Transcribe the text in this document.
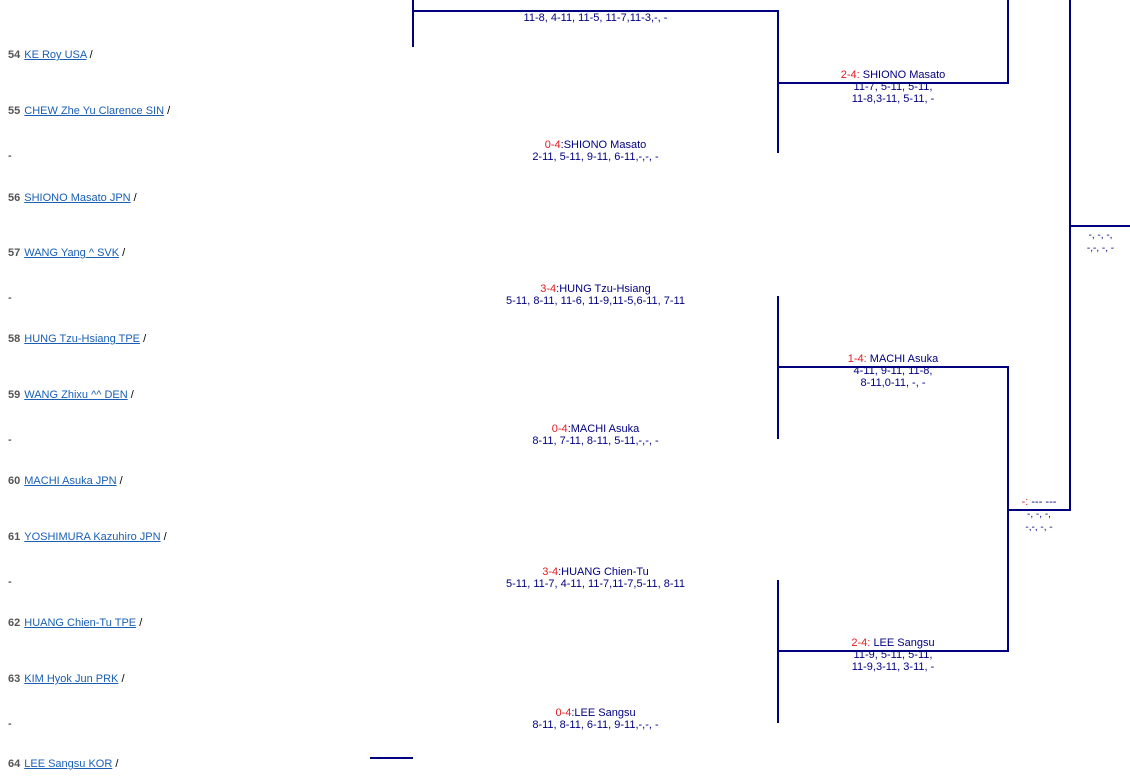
54 KE Roy USA /
55 CHEW Zhe Yu Clarence SIN /
-
56 SHIONO Masato JPN /
57 WANG Yang ^ SVK /
-
58 HUNG Tzu-Hsiang TPE /
59 WANG Zhixu ^^ DEN /
-
60 MACHI Asuka JPN /
61 YOSHIMURA Kazuhiro JPN /
-
62 HUANG Chien-Tu TPE /
63 KIM Hyok Jun PRK /
-
64 LEE Sangsu KOR /
11-8, 4-11, 11-5, 11-7,11-3,-, -
0-4:SHIONO Masato
2-11, 5-11, 9-11, 6-11,-,-, -
3-4:HUNG Tzu-Hsiang
5-11, 8-11, 11-6, 11-9,11-5,6-11, 7-11
0-4:MACHI Asuka
8-11, 7-11, 8-11, 5-11,-,-, -
3-4:HUANG Chien-Tu
5-11, 11-7, 4-11, 11-7,11-7,5-11, 8-11
0-4:LEE Sangsu
8-11, 8-11, 6-11, 9-11,-,-, -
2-4: SHIONO Masato
11-7, 5-11, 5-11,
11-8,3-11, 5-11, -
1-4: MACHI Asuka
4-11, 9-11, 11-8,
8-11,0-11, -, -
2-4: LEE Sangsu
11-9, 5-11, 5-11,
11-9,3-11, 3-11, -
-: --- ---
-, -, -,
-,-, -, -
-, -, -,
-,-, -, -
